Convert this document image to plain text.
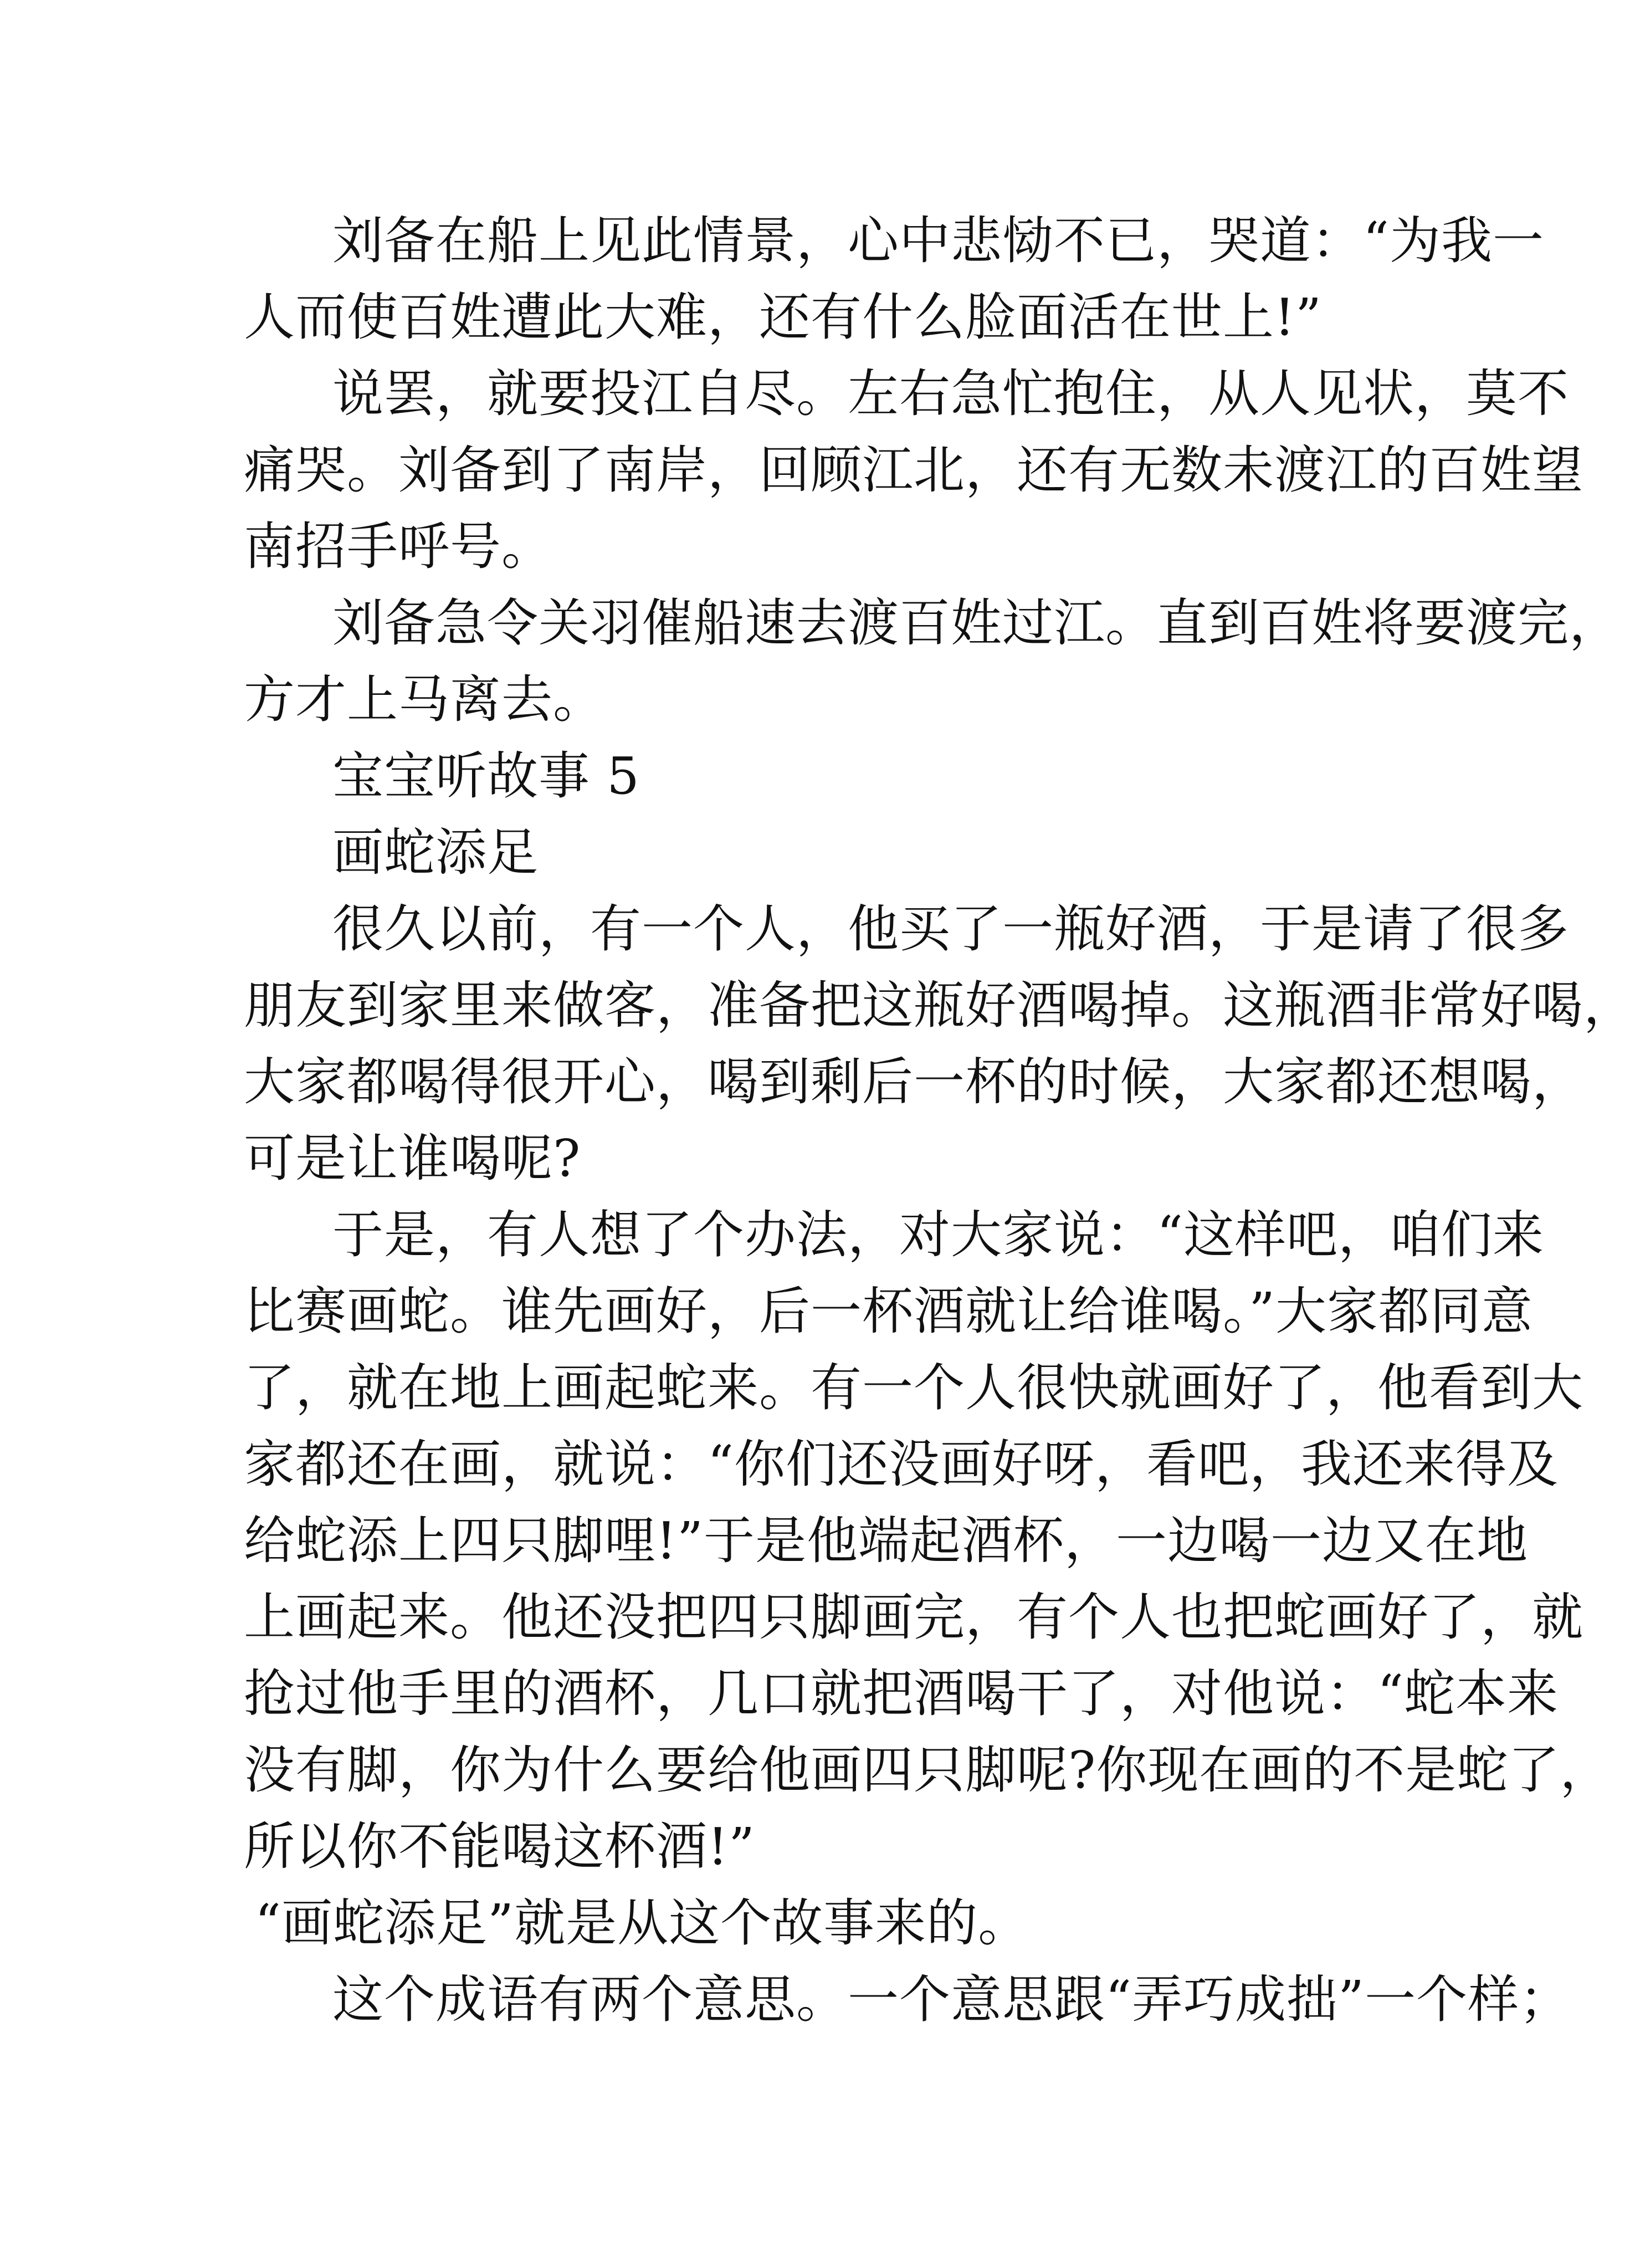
刘备在船上见此情景，心中悲恸不已，哭道：“为我一
人而使百姓遭此大难，还有什么脸面活在世上!”
说罢，就要投江自尽。左右急忙抱住，从人见状，莫不
痛哭。刘备到了南岸，回顾江北，还有无数未渡江的百姓望
南招手呼号。
刘备急令关羽催船速去渡百姓过江。直到百姓将要渡完，
方才上马离去。
宝宝听故事 5
画蛇添足
很久以前，有一个人，他买了一瓶好酒，于是请了很多
朋友到家里来做客，准备把这瓶好酒喝掉。这瓶酒非常好喝，
大家都喝得很开心，喝到剩后一杯的时候，大家都还想喝，
可是让谁喝呢?
于是，有人想了个办法，对大家说：“这样吧，咱们来
比赛画蛇。谁先画好，后一杯酒就让给谁喝。”大家都同意
了，就在地上画起蛇来。有一个人很快就画好了，他看到大
家都还在画，就说：“你们还没画好呀，看吧，我还来得及
给蛇添上四只脚哩!”于是他端起酒杯，一边喝一边又在地
上画起来。他还没把四只脚画完，有个人也把蛇画好了，就
抢过他手里的酒杯，几口就把酒喝干了，对他说：“蛇本来
没有脚，你为什么要给他画四只脚呢?你现在画的不是蛇了，
所以你不能喝这杯酒!”
“画蛇添足”就是从这个故事来的。
这个成语有两个意思。一个意思跟“弄巧成拙”一个样；
